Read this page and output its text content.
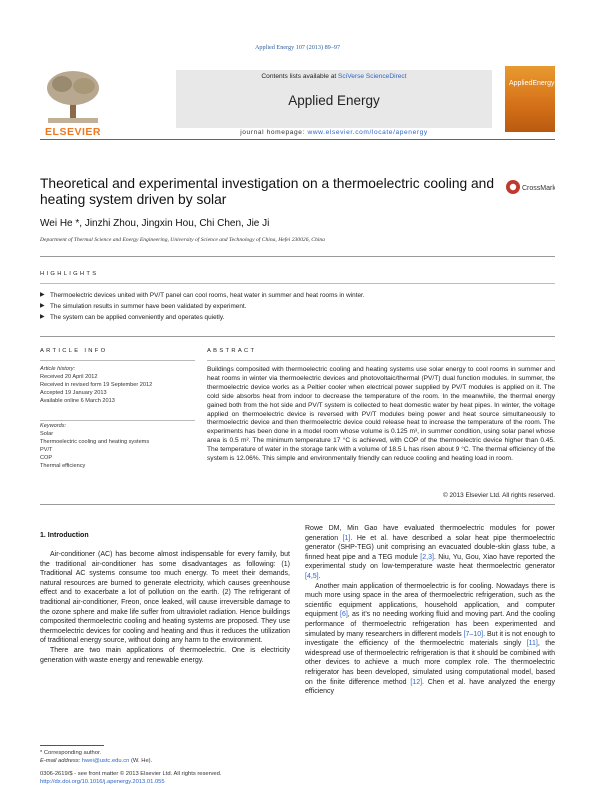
Applied Energy 107 (2013) 89–97
Contents lists available at SciVerse ScienceDirect
Applied Energy
journal homepage: www.elsevier.com/locate/apenergy
ELSEVIER
AppliedEnergy
Theoretical and experimental investigation on a thermoelectric cooling and heating system driven by solar
CrossMark
Wei He *, Jinzhi Zhou, Jingxin Hou, Chi Chen, Jie Ji
Department of Thermal Science and Energy Engineering, University of Science and Technology of China, Hefei 230026, China
HIGHLIGHTS
▶ Thermoelectric devices united with PV/T panel can cool rooms, heat water in summer and heat rooms in winter.
▶ The simulation results in summer have been validated by experiment.
▶ The system can be applied conveniently and operates quietly.
ARTICLE INFO	ABSTRACT
Article history:
Received 20 April 2012
Received in revised form 19 September 2012
Accepted 19 January 2013
Available online 6 March 2013
Keywords:
Solar
Thermoelectric cooling and heating systems
PV/T
COP
Thermal efficiency
Buildings composited with thermoelectric cooling and heating systems use solar energy to cool rooms in summer and heat rooms in winter via thermoelectric devices and photovoltaic/thermal (PV/T) dual function modules. In summer, the thermoelectric device works as a Peltier cooler when electrical power supplied by PV/T modules is applied on it. The cold side absorbs heat from indoor to decrease the temperature of the room. In the meanwhile, the thermal energy gained both from the hot side and PV/T system is collected to heat domestic water by heat pipes. In winter, the voltage applied on thermoelectric device is reversed with PV/T modules being power and heat source simultaneously to thermoelectric device and then thermoelectric device could release heat to increase the temperature of the room. The experiments has been done in a model room whose volume is 0.125 m³, in summer condition, using solar panel whose area is 0.5 m². The minimum temperature 17 °C is achieved, with COP of the thermoelectric device higher than 0.45. The temperature of water in the storage tank with a volume of 18.5 L has risen about 9 °C. The thermal efficiency of the system is 12.06%. This simple and environmentally friendly can reduce cooling and heating load in room.
© 2013 Elsevier Ltd. All rights reserved.
1. Introduction

Air-conditioner (AC) has become almost indispensable for every family, but the traditional air-conditioner has some disadvantages as following: (1) Traditional AC systems consume too much energy. To meet their demands, natural resources are burned to generate electricity, which causes greenhouse effect and to exacerbate a lot of pollution on the earth. (2) The refrigerant of traditional air-conditioner, Freon, once leaked, will cause irreversible damage to the ozone sphere and make life suffer from ultraviolet radiation. Hence buildings composited thermoelectric cooling and heating systems are proposed. They use thermoelectric devices for cooling and heating and thus it reduces the utilization of traditional energy source, without doing any harm to the environment.

There are two main applications of thermoelectric. One is electricity generation with waste energy and renewable energy.

Rowe DM, Min Gao have evaluated thermoelectric modules for power generation [1]. He et al. have described a solar heat pipe thermoelectric generator (SHP-TEG) unit comprising an evacuated double-skin glass tube, a finned heat pipe and a TEG module [2,3]. Niu, Yu, Gou, Xiao have reported the experimental study on low-temperature waste heat thermoelectric generator [4,5].

Another main application of thermoelectric is for cooling. Nowadays there is much more using space in the area of thermoelectric refrigeration, such as the scientific equipment applications, household application, and computer equipment [6], as it’s no needing working fluid and moving part. And the cooling performance of thermoelectric refrigeration has been experimented and simulated by many researchers in different models [7–10]. But it is not enough to investigate the efficiency of the thermoelectric materials singly [11], the widespread use of thermoelectric refrigeration is that it should be combined with other devices to achieve a much more complex role. The thermoelectric refrigerator has been developed, simulated using computational model, based on the finite difference method [12]. Chen et al. have analyzed the energy efficiency

* Corresponding author.
E-mail address: hwei@ustc.edu.cn (W. He).
0306-2619/$ - see front matter © 2013 Elsevier Ltd. All rights reserved.
http://dx.doi.org/10.1016/j.apenergy.2013.01.055
